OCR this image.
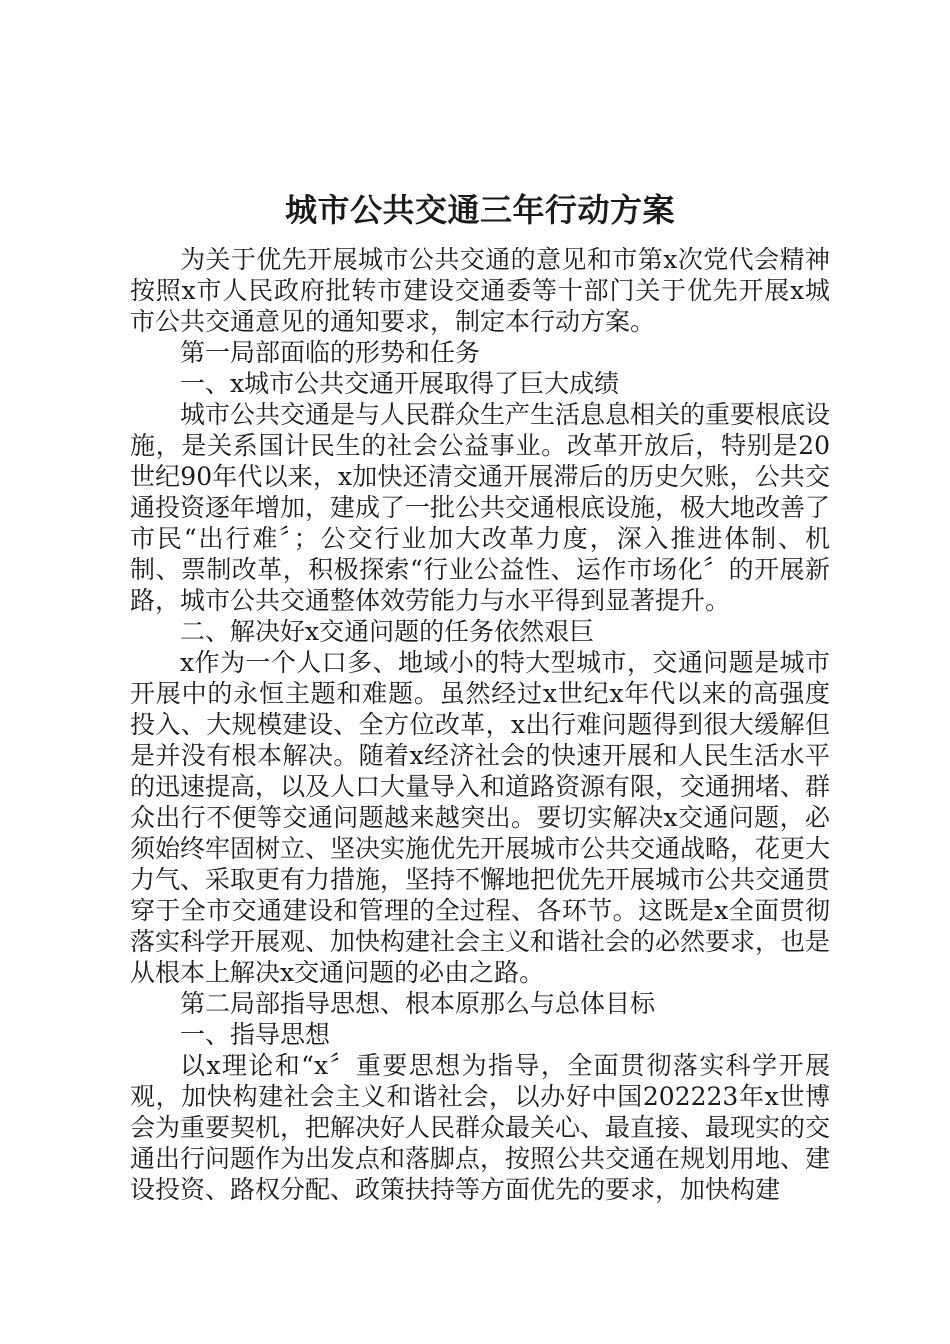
城市公共交通三年行动方案

为关于优先开展城市公共交通的意见和市第x次党代会精神按照x市人民政府批转市建设交通委等十部门关于优先开展x城市公共交通意见的通知要求，制定本行动方案。

第一局部面临的形势和任务

一、x城市公共交通开展取得了巨大成绩

城市公共交通是与人民群众生产生活息息相关的重要根底设施，是关系国计民生的社会公益事业。改革开放后，特别是20世纪90年代以来，x加快还清交通开展滞后的历史欠账，公共交通投资逐年增加，建成了一批公共交通根底设施，极大地改善了市民“出行难〞；公交行业加大改革力度，深入推进体制、机制、票制改革，积极探索“行业公益性、运作市场化〞的开展新路，城市公共交通整体效劳能力与水平得到显著提升。

二、解决好x交通问题的任务依然艰巨

x作为一个人口多、地域小的特大型城市，交通问题是城市开展中的永恒主题和难题。虽然经过x世纪x年代以来的高强度投入、大规模建设、全方位改革，x出行难问题得到很大缓解但是并没有根本解决。随着x经济社会的快速开展和人民生活水平的迅速提高，以及人口大量导入和道路资源有限，交通拥堵、群众出行不便等交通问题越来越突出。要切实解决x交通问题，必须始终牢固树立、坚决实施优先开展城市公共交通战略，花更大力气、采取更有力措施，坚持不懈地把优先开展城市公共交通贯穿于全市交通建设和管理的全过程、各环节。这既是x全面贯彻落实科学开展观、加快构建社会主义和谐社会的必然要求，也是从根本上解决x交通问题的必由之路。

第二局部指导思想、根本原那么与总体目标

一、指导思想

以x理论和“x〞重要思想为指导，全面贯彻落实科学开展观，加快构建社会主义和谐社会，以办好中国202223年x世博会为重要契机，把解决好人民群众最关心、最直接、最现实的交通出行问题作为出发点和落脚点，按照公共交通在规划用地、建设投资、路权分配、政策扶持等方面优先的要求，加快构建
